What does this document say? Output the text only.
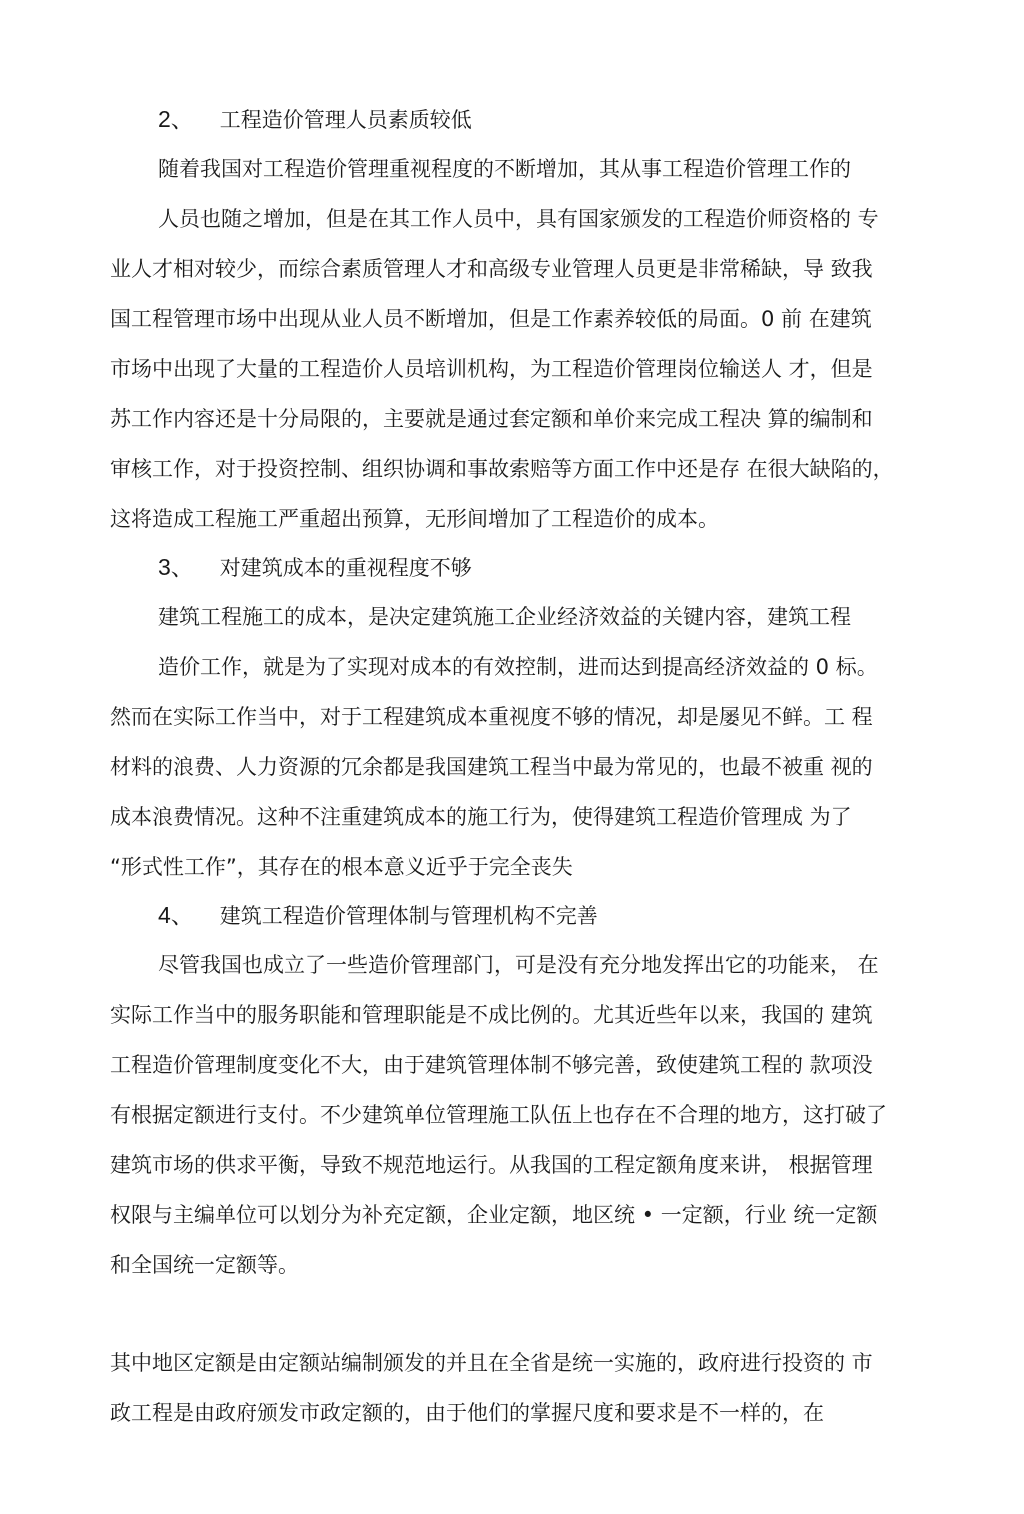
2、 工程造价管理人员素质较低
随着我国对工程造价管理重视程度的不断增加，其从事工程造价管理工作的
人员也随之增加，但是在其工作人员中，具有国家颁发的工程造价师资格的 专
业人才相对较少，而综合素质管理人才和高级专业管理人员更是非常稀缺，导 致我
国工程管理市场中出现从业人员不断增加，但是工作素养较低的局面。0 前 在建筑
市场中出现了大量的工程造价人员培训机构，为工程造价管理岗位输送人 才，但是
苏工作内容还是十分局限的，主要就是通过套定额和单价来完成工程决 算的编制和
审核工作，对于投资控制、组织协调和事故索赔等方面工作中还是存 在很大缺陷的，
这将造成工程施工严重超出预算，无形间增加了工程造价的成本。
3、 对建筑成本的重视程度不够
建筑工程施工的成本，是决定建筑施工企业经济效益的关键内容，建筑工程
造价工作，就是为了实现对成本的有效控制，进而达到提高经济效益的 0 标。
然而在实际工作当中，对于工程建筑成本重视度不够的情况，却是屡见不鲜。工 程
材料的浪费、人力资源的冗余都是我国建筑工程当中最为常见的，也最不被重 视的
成本浪费情况。这种不注重建筑成本的施工行为，使得建筑工程造价管理成 为了
“形式性工作”，其存在的根本意义近乎于完全丧失
4、 建筑工程造价管理体制与管理机构不完善
尽管我国也成立了一些造价管理部门，可是没有充分地发挥出它的功能来， 在
实际工作当中的服务职能和管理职能是不成比例的。尤其近些年以来，我国的 建筑
工程造价管理制度变化不大，由于建筑管理体制不够完善，致使建筑工程的 款项没
有根据定额进行支付。不少建筑单位管理施工队伍上也存在不合理的地方，这打破了
建筑市场的供求平衡，导致不规范地运行。从我国的工程定额角度来讲， 根据管理
权限与主编单位可以划分为补充定额，企业定额，地区统 • 一定额，行业 统一定额
和全国统一定额等。
其中地区定额是由定额站编制颁发的并且在全省是统一实施的，政府进行投资的 市
政工程是由政府颁发市政定额的，由于他们的掌握尺度和要求是不一样的，在
